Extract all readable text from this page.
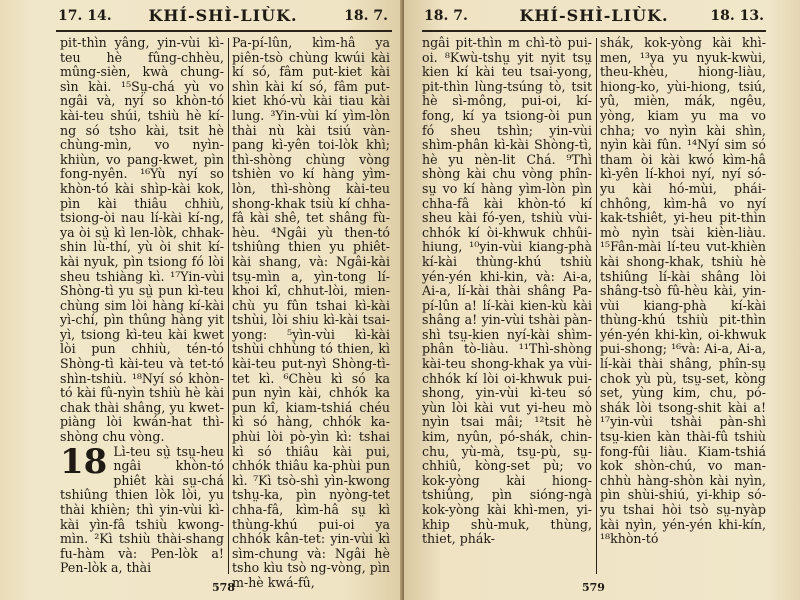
17. 14.	KHÍ-SHÌ-LIÙK.	18. 7.

pit-thìn yâng, yin-vùi kì-teu hè fûng-chhèu, mûng-sièn, kwà chung-sìn kài. ¹⁵Sṳ-chá yù vo ngâi và, nyí so khòn-tó kài-teu shúi, tshiù hè kí-ng só tsho kài, tsit hè chùng-mìn, vo nyìn-khiùn, vo pang-kwet, pìn fong-nyên. ¹⁶Yù nyí so khòn-tó kài shìp-kài kok, pìn kài thiâu chhiù, tsiong-òi nau lí-kài kí-ng, ya òi sṳ̀ kì len-lòk, chhak-shin lù-thí, yù òi shit kí-kài nyuk, pìn tsiong fó lòi sheu tshiàng kì. ¹⁷Yin-vùi Shòng-tì yu sṳ̀ pun kì-teu chùng sim lòi hàng kí-kài yì-chí, pìn thûng hàng yit yì, tsiong kì-teu kài kwet lòi pun chhiù, tén-tó Shòng-tì kài-teu và tet-tó shìn-tshiù. ¹⁸Nyí só khòn-tó kài fû-nyìn tshiù hè kài chak thài shâng, yu kwet-piàng lòi kwán-hat thì-shòng chu vòng.

18 Lì-teu sṳ̀ tsṳ-heu ngâi khòn-tó phiêt kài sṳ-chá tshiûng thien lòk lòi, yu thài khièn; thì yin-vùi kì-kài yìn-fâ tshiù kwong-mìn. ²Kì tshiù thài-shang fu-hàm và: Pen-lòk a! Pen-lòk a, thài

Pa-pí-lûn, kìm-hâ ya piên-tsò chùng kwúi kài kí só, fâm put-kiet kài shìn kài kí só, fâm put-kiet khó-vù kài tiau kài lung. ³Yin-vùi kí yìm-lòn thài nù kài tsiú vàn-pang kì-yên toi-lòk khì; thì-shòng chùng vòng tshièn vo kí hàng yìm-lòn, thì-shòng kài-teu shong-khak tsiù kí chha-fâ kài shê, tet shâng fù-hèu. ⁴Ngâi yù then-tó tshiûng thien yu phiêt-kài shang, và: Ngâi-kài tsṳ-mìn a, yìn-tong lí-khoi kî, chhut-lòi, mien-chù yu fûn tshai kì-kài tshùi, lòi shiu kì-kài tsai-yong: ⁵yìn-vùi kì-kài tshùi chhùng tó thien, kì kài-teu put-nyì Shòng-tì-tet kì. ⁶Chèu kì só ka pun nyìn kài, chhók ka pun kî, kiam-tshiá chéu kì só hàng, chhók ka-phùi lòi pò-yìn kì: tshai kì só thiâu kài pui, chhók thiâu ka-phùi pun kì. ⁷Kì tsò-shì yìn-kwong tshṳ-ka, pìn nyòng-tet chha-fâ, kìm-hâ sṳ kì thùng-khú pui-oi ya chhók kân-tet: yin-vùi kì sìm-chung và: Ngâi hè tsho kìu tsò ng-vòng, pìn m-hè kwá-fû,

578
18. 7.	KHÍ-SHÌ-LIÙK.	18. 13.

ngâi pit-thìn m chì-tò pui-oi. ⁸Kwù-tshṳ yit nyit tsṳ kien kí kài teu tsai-yong, pit-thìn lùng-tsúng tò, tsit hè sì-mông, pui-oi, kí-fong, kí ya tsiong-òi pun fó sheu tshìn; yin-vùi shìm-phân kì-kài Shòng-tì, hè yu nèn-lit Chá. ⁹Thì shòng kài chu vòng phîn-sṳ vo kí hàng yìm-lòn pìn chha-fâ kài khòn-tó kí sheu kài fó-yen, tshiù vùi-chhók kí òi-khwuk chhûi-hiung, ¹⁰yin-vùi kiang-phà kí-kài thùng-khú tshiù yén-yén khi-kin, và: Ai-a, Ai-a, lí-kài thài shâng Pa-pí-lûn a! lí-kài kien-kù kài shâng a! yin-vùi tshài pàn-shì tsṳ-kien nyí-kài shìm-phân tò-liàu. ¹¹Thì-shòng kài-teu shong-khak ya vùi-chhók kí lòi oi-khwuk pui-shong, yin-vùi kì-teu só yùn lòi kài vut yi-heu mò nyìn tsai mâi; ¹²tsit hè kim, nyûn, pó-shák, chin-chu, yù-mà, tsṳ-pù, sṳ-chhiû, kòng-set pù; vo kok-yòng kài hiong-tshiûng, pìn sióng-ngà kok-yòng kài khì-men, yi-khip shù-muk, thùng, thiet, phák-

shák, kok-yòng kài khì-men, ¹³ya yu nyuk-kwùi, theu-khèu, hiong-liàu, hiong-ko, yùi-hiong, tsiú, yû, mièn, mák, ngêu, yòng, kiam yu ma vo chha; vo nyìn kài shìn, nyìn kài fûn. ¹⁴Nyí sim só tham òi kài kwó kìm-hâ kì-yên lí-khoi nyí, nyí só-yu kài hó-mùi, phái-chhông, kìm-hâ vo nyí kak-tshiêt, yi-heu pit-thìn mò nyìn tsài kièn-liàu. ¹⁵Fân-mài lí-teu vut-khièn kài shong-khak, tshiù hè tshiûng lí-kài shâng lòi shâng-tsò fû-hèu kài, yin-vùi kiang-phà kí-kài thùng-khú tshiù pit-thìn yén-yén khi-kìn, oi-khwuk pui-shong; ¹⁶và: Ai-a, Ai-a, lí-kài thài shâng, phîn-sṳ chok yù pù, tsṳ-set, kòng set, yùng kim, chu, pó-shák lòi tsong-shit kài a! ¹⁷yin-vùi tshài pàn-shì tsṳ-kien kàn thài-fû tshiù fong-fûi liàu. Kiam-tshiá kok shòn-chú, vo man-chhù hàng-shòn kài nyìn, pìn shùi-shiú, yi-khip só-yu tshai hòi tsò sṳ-nyàp kài nyìn, yén-yén khi-kín, ¹⁸khòn-tó

579
